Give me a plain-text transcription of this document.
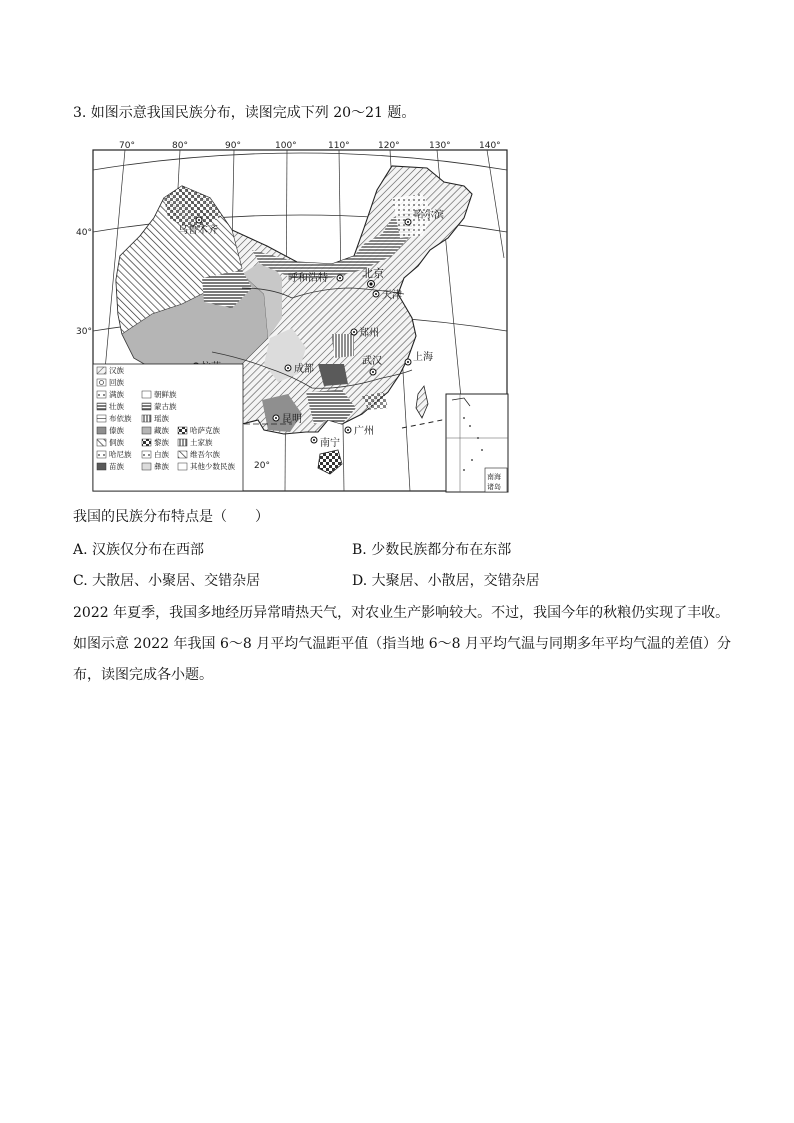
3. 如图示意我国民族分布，读图完成下列 20～21 题。
70°	80°	90°	100°	110°	120°	130°	140°
40°
30°
20°
乌鲁木齐
哈尔滨
呼和浩特	北京
天津
郑州
成都
武汉	上海
昆明
广州
南宁
南海
诸岛
汉族
回族
满族	朝鲜族
壮族	蒙古族
布依族	瑶族
傣族	藏族	哈萨克族
侗族	黎族	土家族
哈尼族	白族	维吾尔族
苗族	彝族	其他少数民族
我国的民族分布特点是（　　）
A. 汉族仅分布在西部	B. 少数民族都分布在东部
C. 大散居、小聚居、交错杂居	D. 大聚居、小散居，交错杂居
2022 年夏季，我国多地经历异常晴热天气，对农业生产影响较大。不过，我国今年的秋粮仍实现了丰收。
如图示意 2022 年我国 6～8 月平均气温距平值（指当地 6～8 月平均气温与同期多年平均气温的差值）分
布，读图完成各小题。
